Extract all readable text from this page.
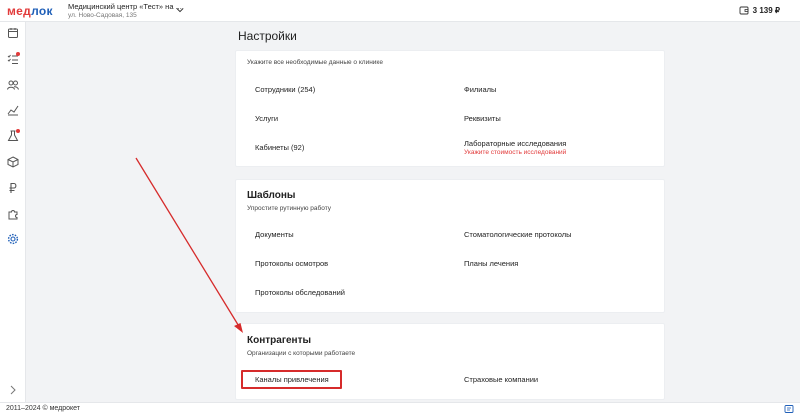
медлок Медицинский центр «Тест» на ...
ул. Ново-Садовая, 135
3 139 ₽
Настройки
Укажите все необходимые данные о клинике
Сотрудники (254)	Филиалы
Услуги	Реквизиты
Кабинеты (92)	Лабораторные исследования
Укажите стоимость исследований
Шаблоны
Упростите рутинную работу
Документы	Стоматологические протоколы
Протоколы осмотров	Планы лечения
Протоколы обследований
Контрагенты
Организации с которыми работаете
Каналы привлечения	Страховые компании
2011–2024 © медрокет
